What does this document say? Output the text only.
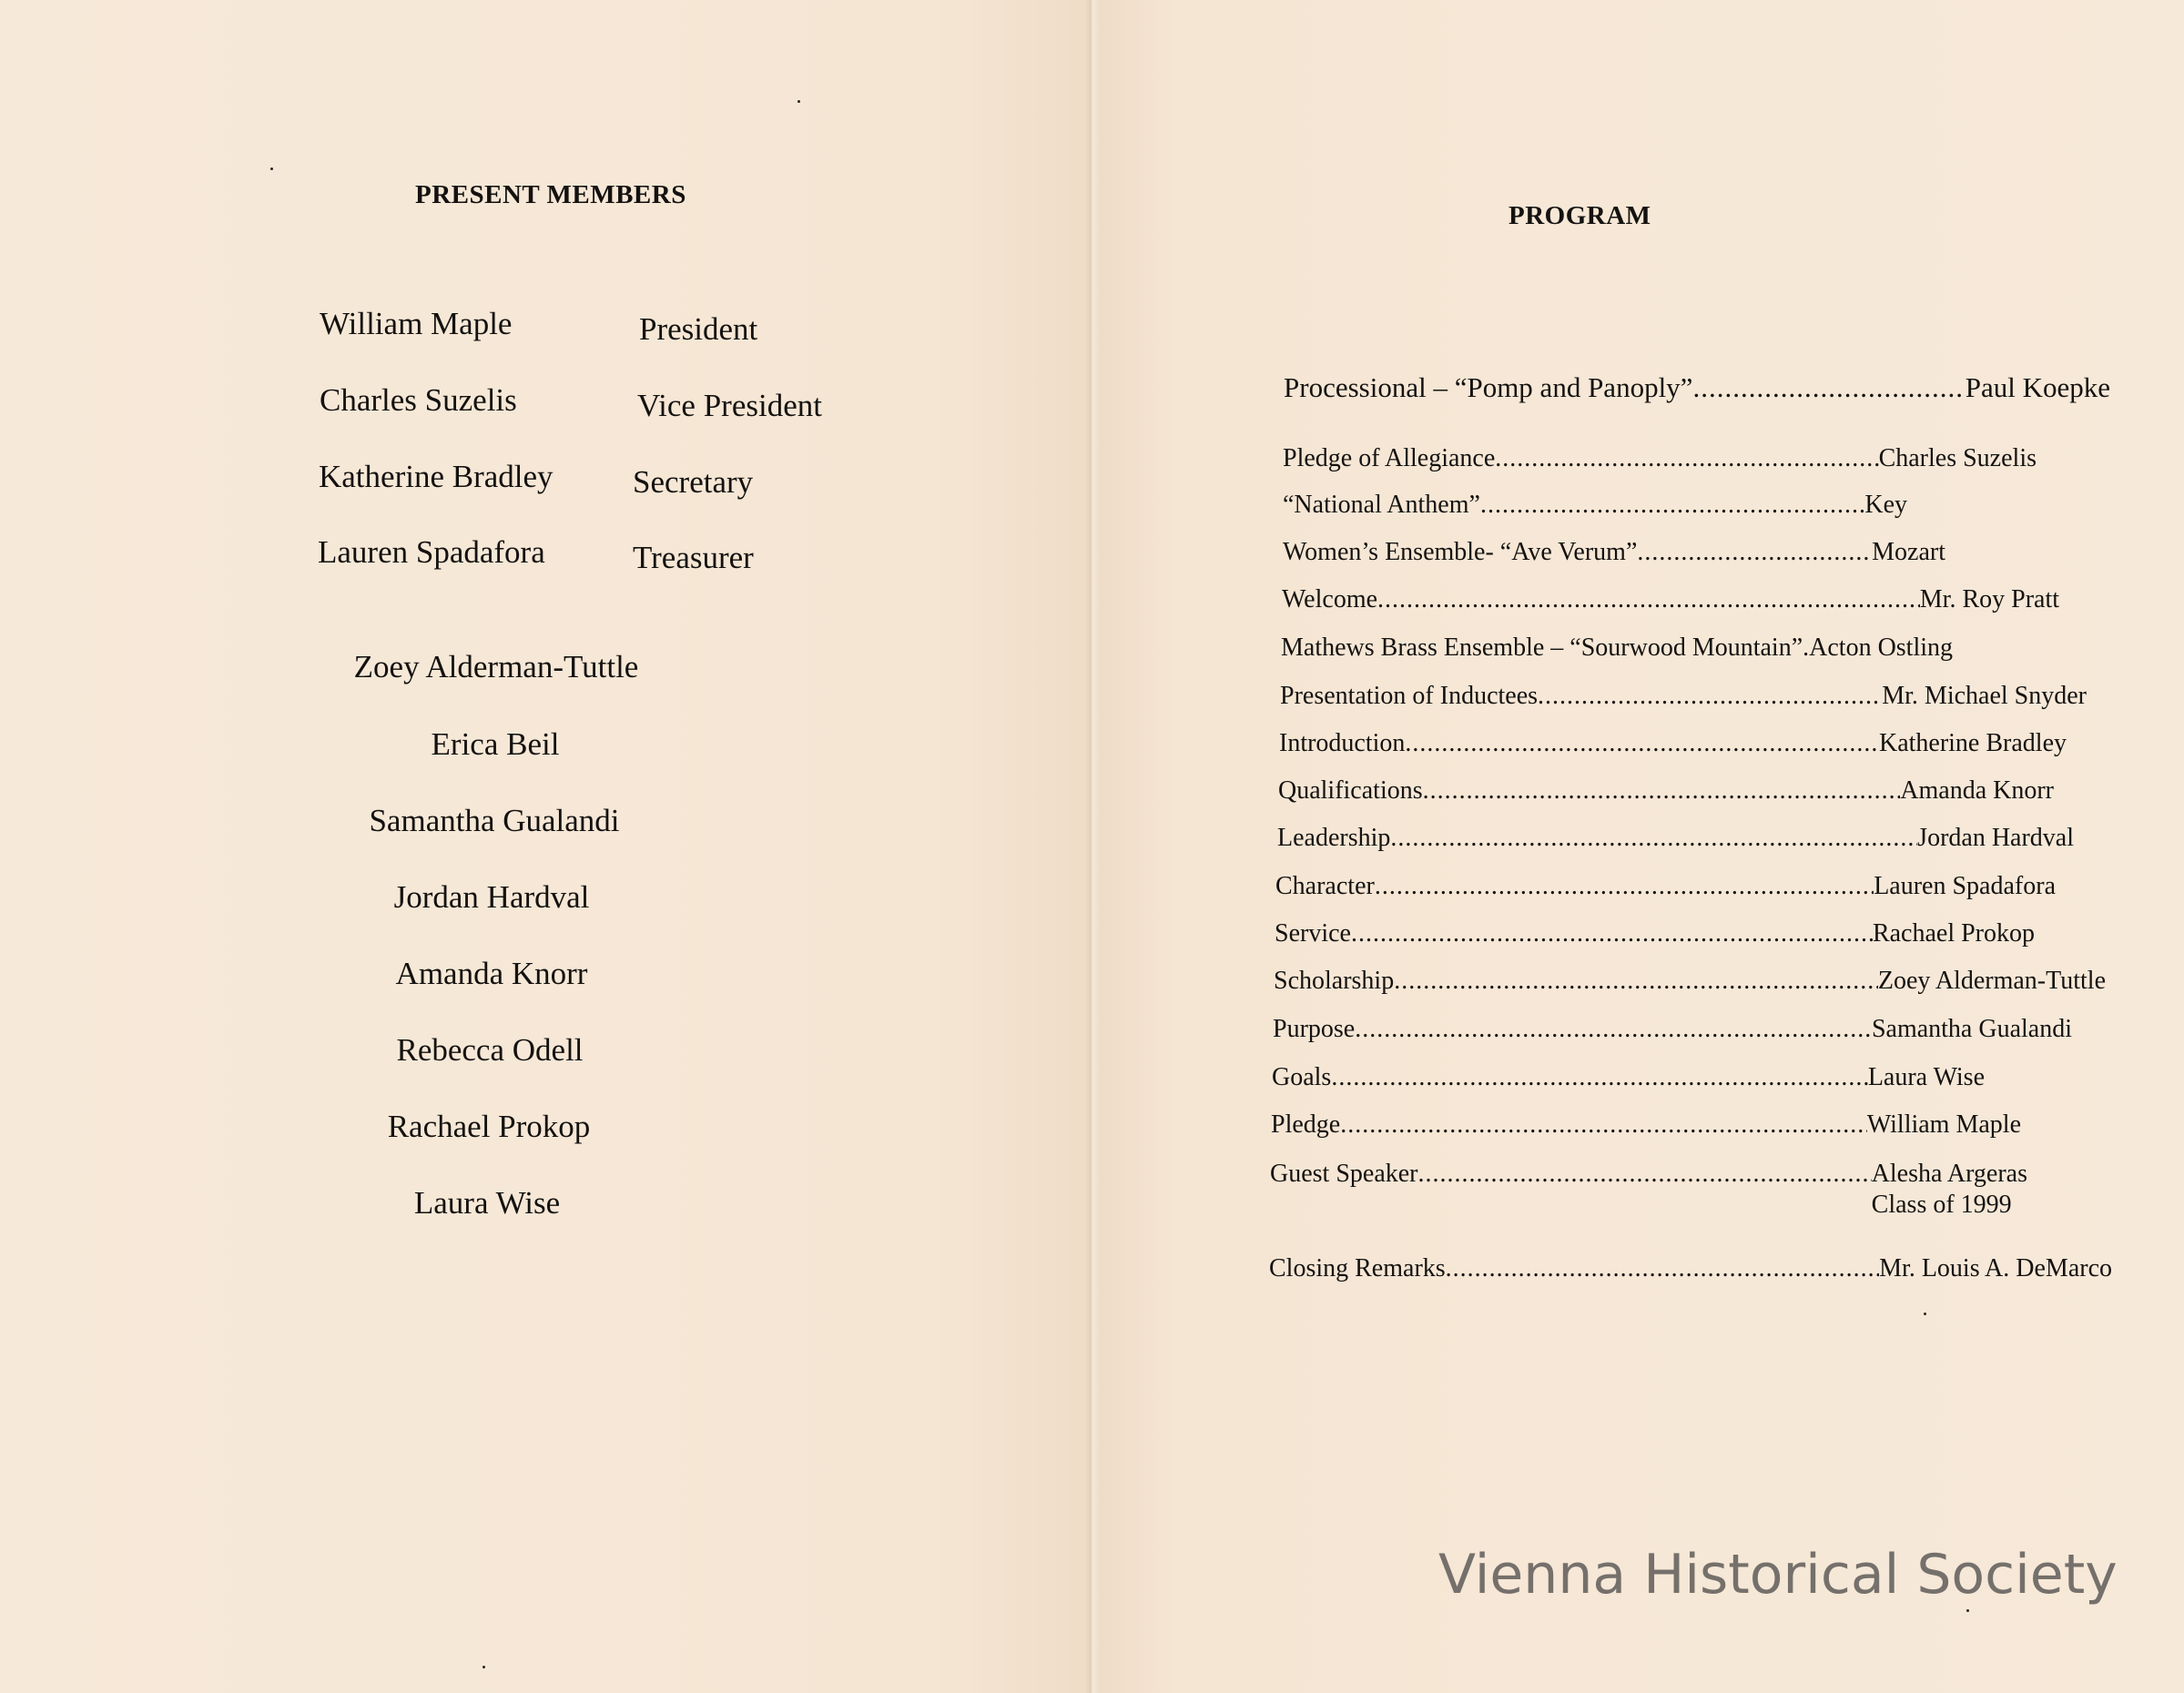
PRESENT MEMBERS
William Maple	President
Charles Suzelis	Vice President
Katherine Bradley Secretary
Lauren Spadafora	Treasurer
Zoey Alderman-Tuttle
Erica Beil
Samantha Gualandi
Jordan Hardval
Amanda Knorr
Rebecca Odell
Rachael Prokop
Laura Wise
PROGRAM
Processional – “Pomp and Panoply” .....	Paul Koepke
Pledge of Allegiance .....	Charles Suzelis
“National Anthem” .....	Key
Women’s Ensemble- “Ave Verum” .....	Mozart
Welcome .....	Mr. Roy Pratt
Mathews Brass Ensemble – “Sourwood Mountain”. Acton Ostling
Presentation of Inductees .....	Mr. Michael Snyder
Introduction .....	Katherine Bradley
Qualifications .....	Amanda Knorr
Leadership .....	Jordan Hardval
Character .....	Lauren Spadafora
Service .....	Rachael Prokop
Scholarship .....	Zoey Alderman-Tuttle
Purpose .....	Samantha Gualandi
Goals .....	Laura Wise
Pledge .....	William Maple
Guest Speaker .....	Alesha Argeras
Class of 1999
Closing Remarks .....	Mr. Louis A. DeMarco
Vienna Historical Society
